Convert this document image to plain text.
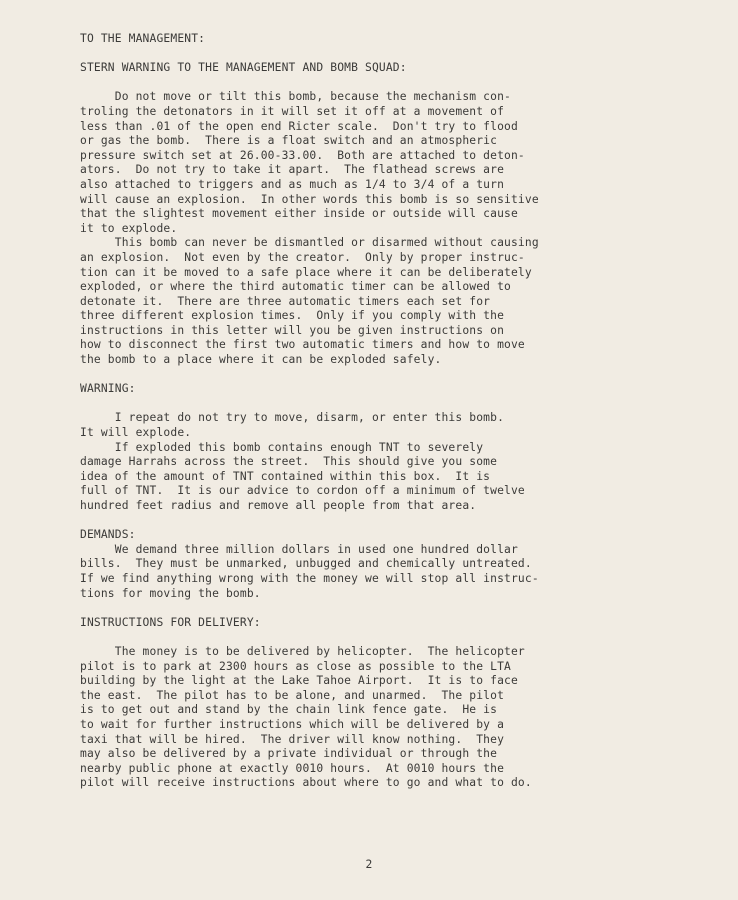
TO THE MANAGEMENT:
STERN WARNING TO THE MANAGEMENT AND BOMB SQUAD:
Do not move or tilt this bomb, because the mechanism con-
troling the detonators in it will set it off at a movement of
less than .01 of the open end Ricter scale.  Don't try to flood
or gas the bomb.  There is a float switch and an atmospheric
pressure switch set at 26.00-33.00.  Both are attached to deton-
ators.  Do not try to take it apart.  The flathead screws are
also attached to triggers and as much as 1/4 to 3/4 of a turn
will cause an explosion.  In other words this bomb is so sensitive
that the slightest movement either inside or outside will cause
it to explode.
This bomb can never be dismantled or disarmed without causing
an explosion.  Not even by the creator.  Only by proper instruc-
tion can it be moved to a safe place where it can be deliberately
exploded, or where the third automatic timer can be allowed to
detonate it.  There are three automatic timers each set for
three different explosion times.  Only if you comply with the
instructions in this letter will you be given instructions on
how to disconnect the first two automatic timers and how to move
the bomb to a place where it can be exploded safely.
WARNING:
I repeat do not try to move, disarm, or enter this bomb.
It will explode.
If exploded this bomb contains enough TNT to severely
damage Harrahs across the street.  This should give you some
idea of the amount of TNT contained within this box.  It is
full of TNT.  It is our advice to cordon off a minimum of twelve
hundred feet radius and remove all people from that area.
DEMANDS:
We demand three million dollars in used one hundred dollar
bills.  They must be unmarked, unbugged and chemically untreated.
If we find anything wrong with the money we will stop all instruc-
tions for moving the bomb.
INSTRUCTIONS FOR DELIVERY:
The money is to be delivered by helicopter.  The helicopter
pilot is to park at 2300 hours as close as possible to the LTA
building by the light at the Lake Tahoe Airport.  It is to face
the east.  The pilot has to be alone, and unarmed.  The pilot
is to get out and stand by the chain link fence gate.  He is
to wait for further instructions which will be delivered by a
taxi that will be hired.  The driver will know nothing.  They
may also be delivered by a private individual or through the
nearby public phone at exactly 0010 hours.  At 0010 hours the
pilot will receive instructions about where to go and what to do.
2
